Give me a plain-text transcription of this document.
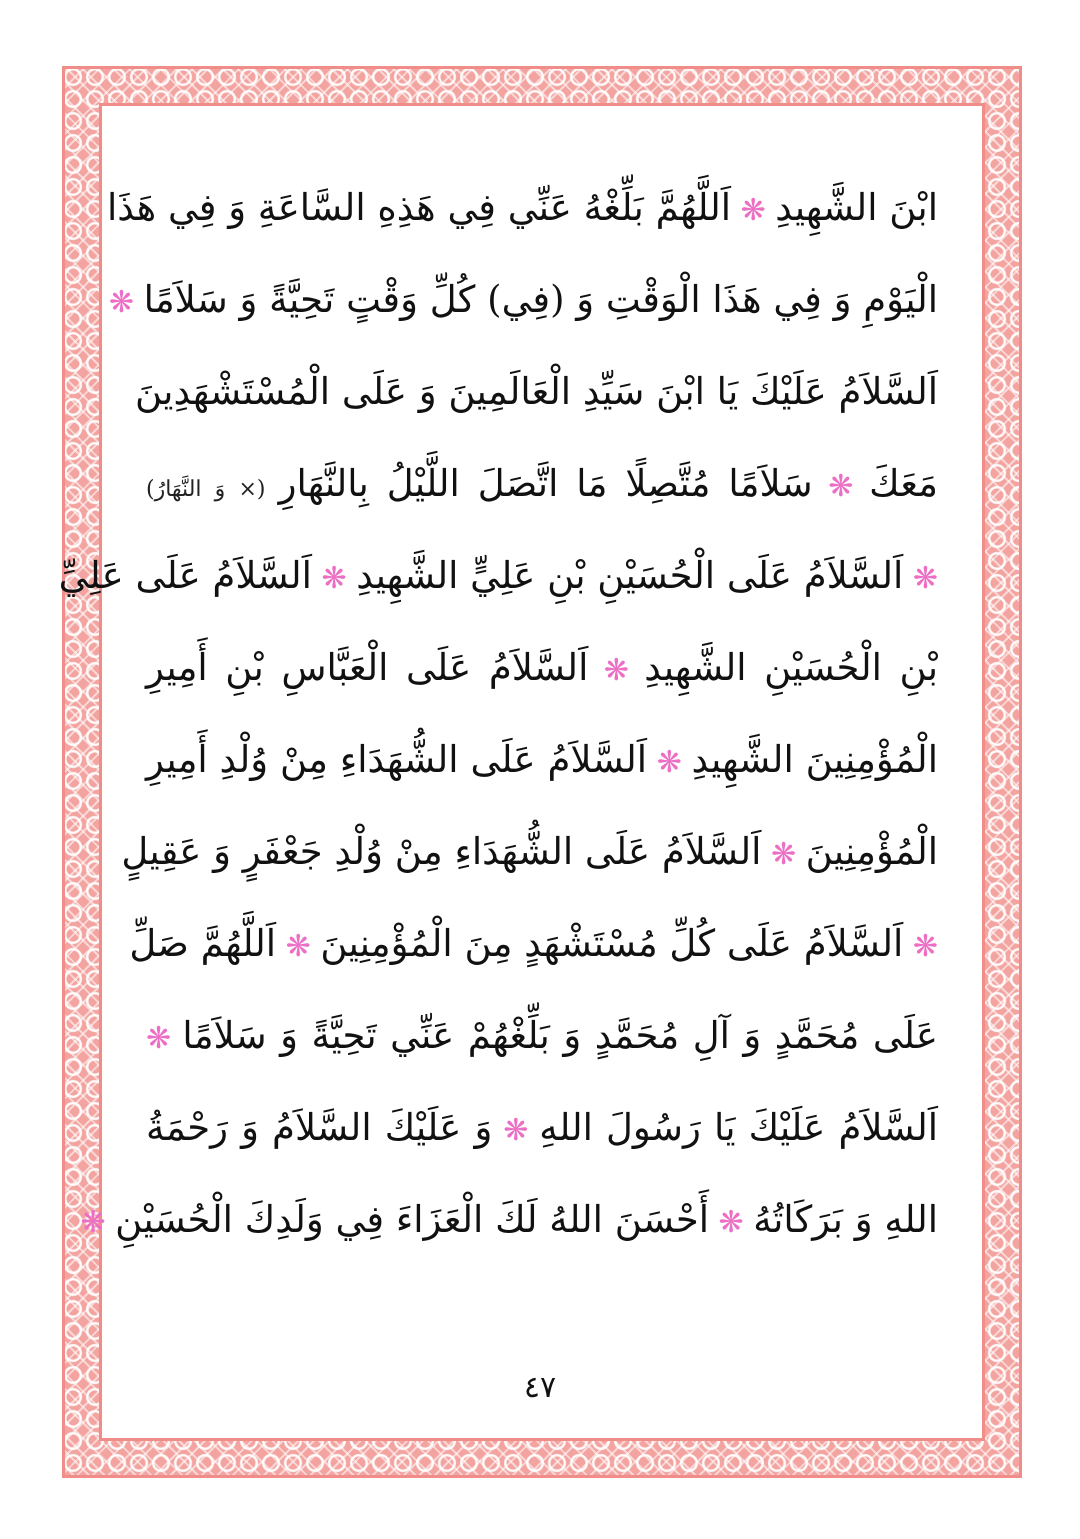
ابْنَ الشَّهِيدِ ❋ اَللَّهُمَّ بَلِّغْهُ عَنِّي فِي هَذِهِ السَّاعَةِ وَ فِي هَذَا
الْيَوْمِ وَ فِي هَذَا الْوَقْتِ وَ (فِي) كُلِّ وَقْتٍ تَحِيَّةً وَ سَلاَمًا ❋
اَلسَّلاَمُ عَلَيْكَ يَا ابْنَ سَيِّدِ الْعَالَمِينَ وَ عَلَى الْمُسْتَشْهَدِينَ
مَعَكَ ❋ سَلاَمًا مُتَّصِلًا مَا اتَّصَلَ اللَّيْلُ بِالنَّهَارِ (× وَ النَّهَارُ)
❋ اَلسَّلاَمُ عَلَى الْحُسَيْنِ بْنِ عَلِيٍّ الشَّهِيدِ ❋ اَلسَّلاَمُ عَلَى عَلِيِّ
بْنِ الْحُسَيْنِ الشَّهِيدِ ❋ اَلسَّلاَمُ عَلَى الْعَبَّاسِ بْنِ أَمِيرِ
الْمُؤْمِنِينَ الشَّهِيدِ ❋ اَلسَّلاَمُ عَلَى الشُّهَدَاءِ مِنْ وُلْدِ أَمِيرِ
الْمُؤْمِنِينَ ❋ اَلسَّلاَمُ عَلَى الشُّهَدَاءِ مِنْ وُلْدِ جَعْفَرٍ وَ عَقِيلٍ
❋ اَلسَّلاَمُ عَلَى كُلِّ مُسْتَشْهَدٍ مِنَ الْمُؤْمِنِينَ ❋ اَللَّهُمَّ صَلِّ
عَلَى مُحَمَّدٍ وَ آلِ مُحَمَّدٍ وَ بَلِّغْهُمْ عَنِّي تَحِيَّةً وَ سَلاَمًا ❋
اَلسَّلاَمُ عَلَيْكَ يَا رَسُولَ اللهِ ❋ وَ عَلَيْكَ السَّلاَمُ وَ رَحْمَةُ
اللهِ وَ بَرَكَاتُهُ ❋ أَحْسَنَ اللهُ لَكَ الْعَزَاءَ فِي وَلَدِكَ الْحُسَيْنِ ❋
٤٧
